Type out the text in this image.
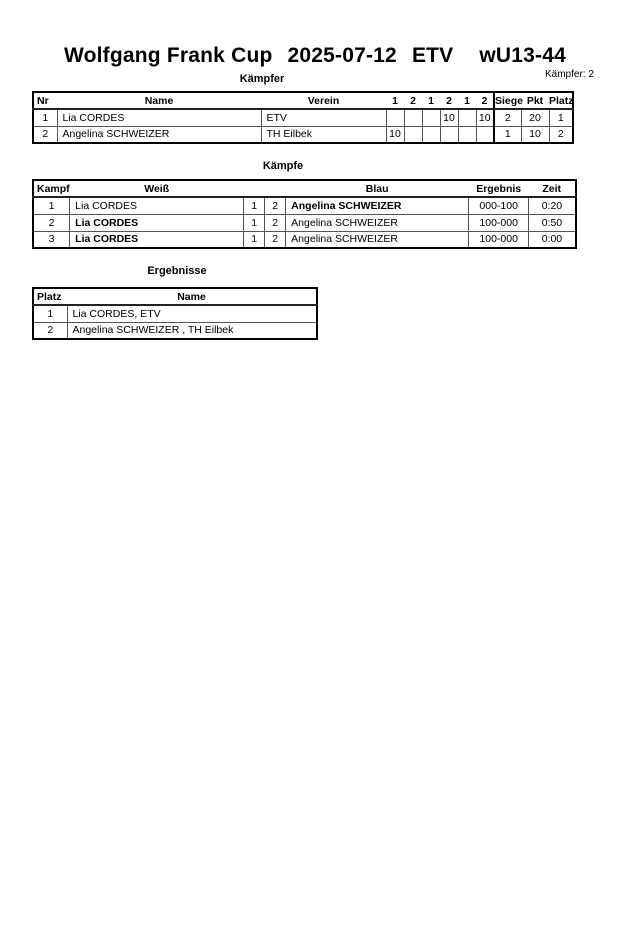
Wolfgang Frank Cup 2025-07-12 ETV wU13-44
Kämpfer	Kämpfer: 2
Nr	Name	Verein	1	2	1	2	1	2	Siege	Pkt	Platz
1	Lia CORDES	ETV				10		10	2	20	1
2	Angelina SCHWEIZER	TH Eilbek	10						1	10	2
Kämpfe
Kampf	Weiß			Blau	Ergebnis	Zeit
1	Lia CORDES	1	2	Angelina SCHWEIZER	000-100	0:20
2	Lia CORDES	1	2	Angelina SCHWEIZER	100-000	0:50
3	Lia CORDES	1	2	Angelina SCHWEIZER	100-000	0:00
Ergebnisse
Platz	Name
1	Lia CORDES, ETV
2	Angelina SCHWEIZER , TH Eilbek
